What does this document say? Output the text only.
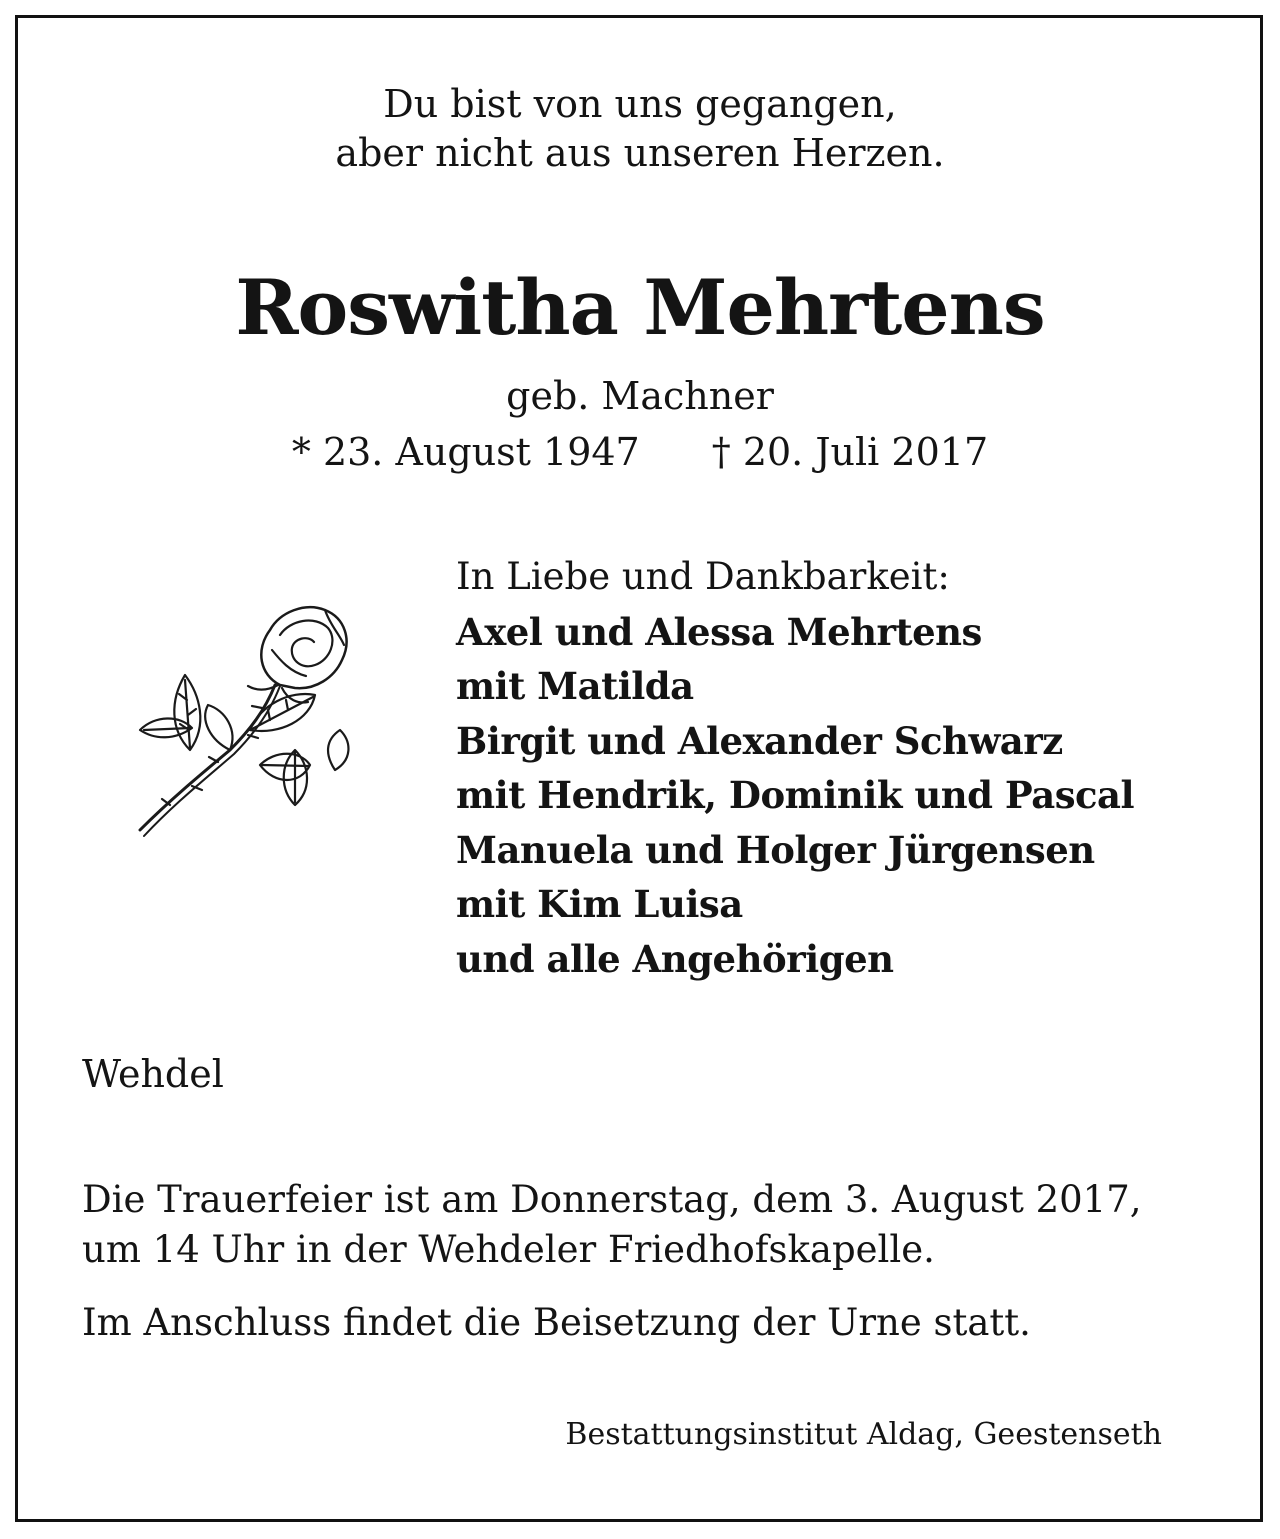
Du bist von uns gegangen,
aber nicht aus unseren Herzen.
Roswitha Mehrtens
geb. Machner
* 23. August 1947 † 20. Juli 2017
In Liebe und Dankbarkeit:
Axel und Alessa Mehrtens
mit Matilda
Birgit und Alexander Schwarz
mit Hendrik, Dominik und Pascal
Manuela und Holger Jürgensen
mit Kim Luisa
und alle Angehörigen
Wehdel
Die Trauerfeier ist am Donnerstag, dem 3. August 2017,
um 14 Uhr in der Wehdeler Friedhofskapelle.
Im Anschluss findet die Beisetzung der Urne statt.
Bestattungsinstitut Aldag, Geestenseth
